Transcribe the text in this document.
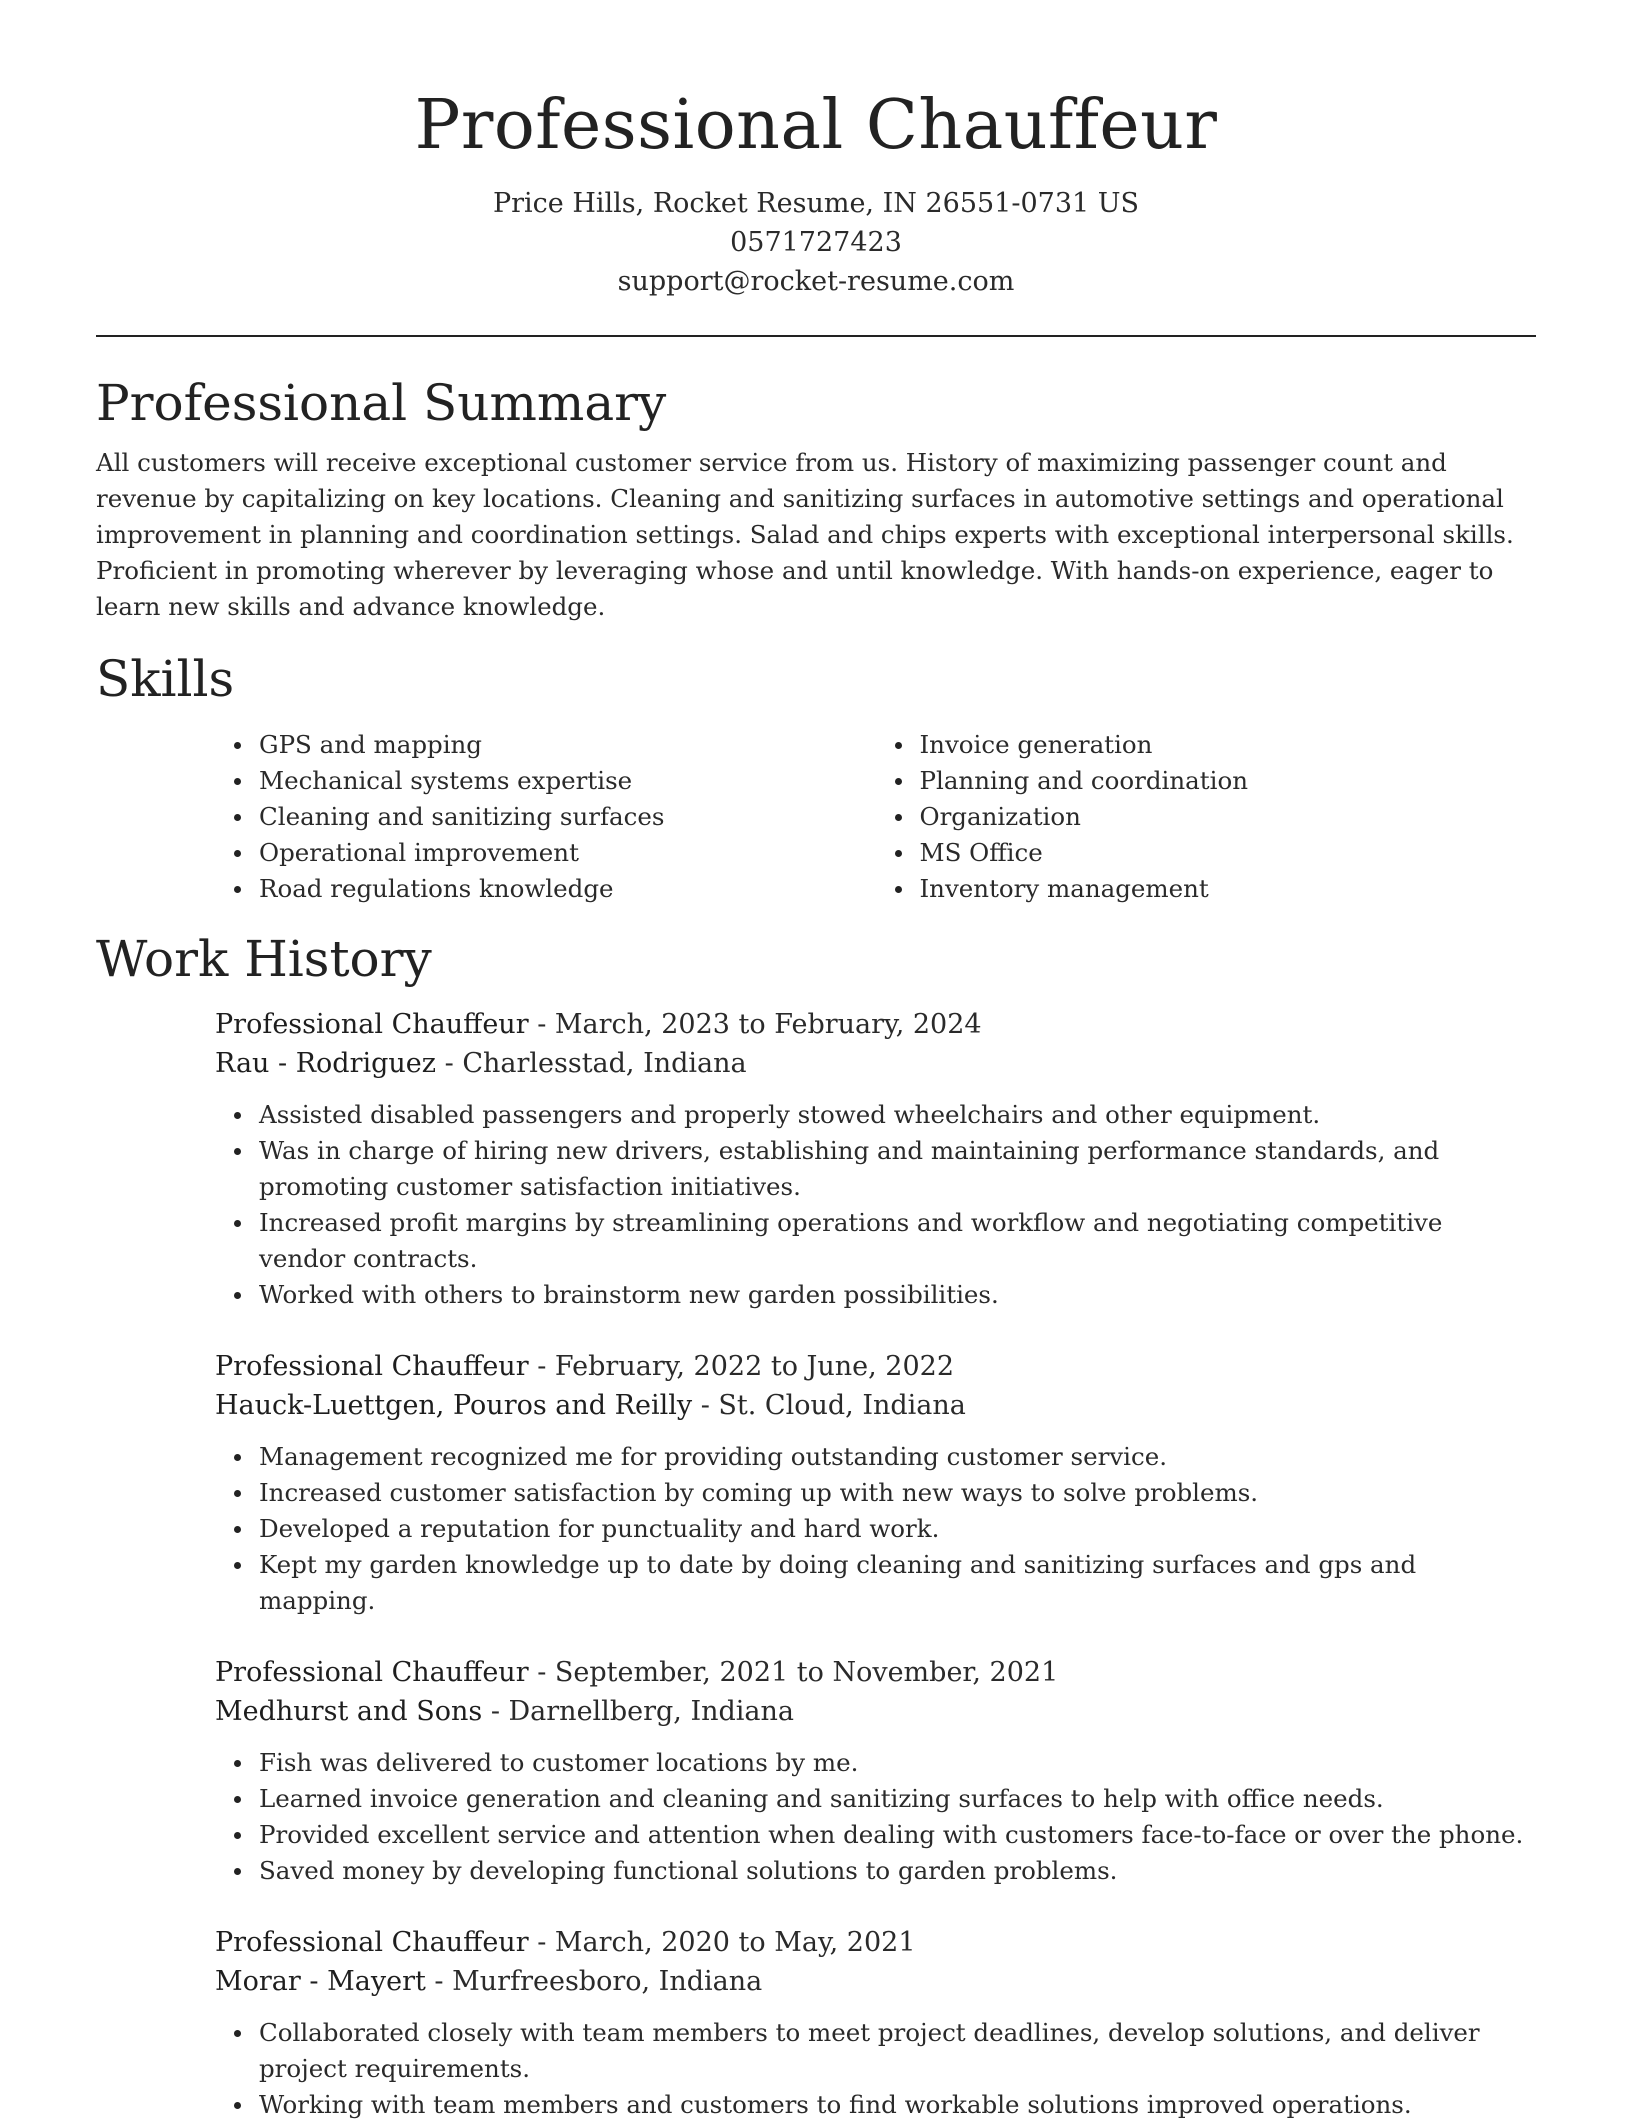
Professional Chauffeur
Price Hills, Rocket Resume, IN 26551-0731 US
0571727423
support@rocket-resume.com
Professional Summary

All customers will receive exceptional customer service from us. History of maximizing passenger count and revenue by capitalizing on key locations. Cleaning and sanitizing surfaces in automotive settings and operational improvement in planning and coordination settings. Salad and chips experts with exceptional interpersonal skills. Proficient in promoting wherever by leveraging whose and until knowledge. With hands-on experience, eager to learn new skills and advance knowledge.

Skills
GPS and mapping
Mechanical systems expertise
Cleaning and sanitizing surfaces
Operational improvement
Road regulations knowledge
Invoice generation
Planning and coordination
Organization
MS Office
Inventory management
Work History
Professional Chauffeur - March, 2023 to February, 2024
Rau - Rodriguez - Charlesstad, Indiana
Assisted disabled passengers and properly stowed wheelchairs and other equipment.
Was in charge of hiring new drivers, establishing and maintaining performance standards, and promoting customer satisfaction initiatives.
Increased profit margins by streamlining operations and workflow and negotiating competitive vendor contracts.
Worked with others to brainstorm new garden possibilities.
Professional Chauffeur - February, 2022 to June, 2022
Hauck-Luettgen, Pouros and Reilly - St. Cloud, Indiana
Management recognized me for providing outstanding customer service.
Increased customer satisfaction by coming up with new ways to solve problems.
Developed a reputation for punctuality and hard work.
Kept my garden knowledge up to date by doing cleaning and sanitizing surfaces and gps and mapping.
Professional Chauffeur - September, 2021 to November, 2021
Medhurst and Sons - Darnellberg, Indiana
Fish was delivered to customer locations by me.
Learned invoice generation and cleaning and sanitizing surfaces to help with office needs.
Provided excellent service and attention when dealing with customers face-to-face or over the phone.
Saved money by developing functional solutions to garden problems.
Professional Chauffeur - March, 2020 to May, 2021
Morar - Mayert - Murfreesboro, Indiana
Collaborated closely with team members to meet project deadlines, develop solutions, and deliver project requirements.
Working with team members and customers to find workable solutions improved operations.
